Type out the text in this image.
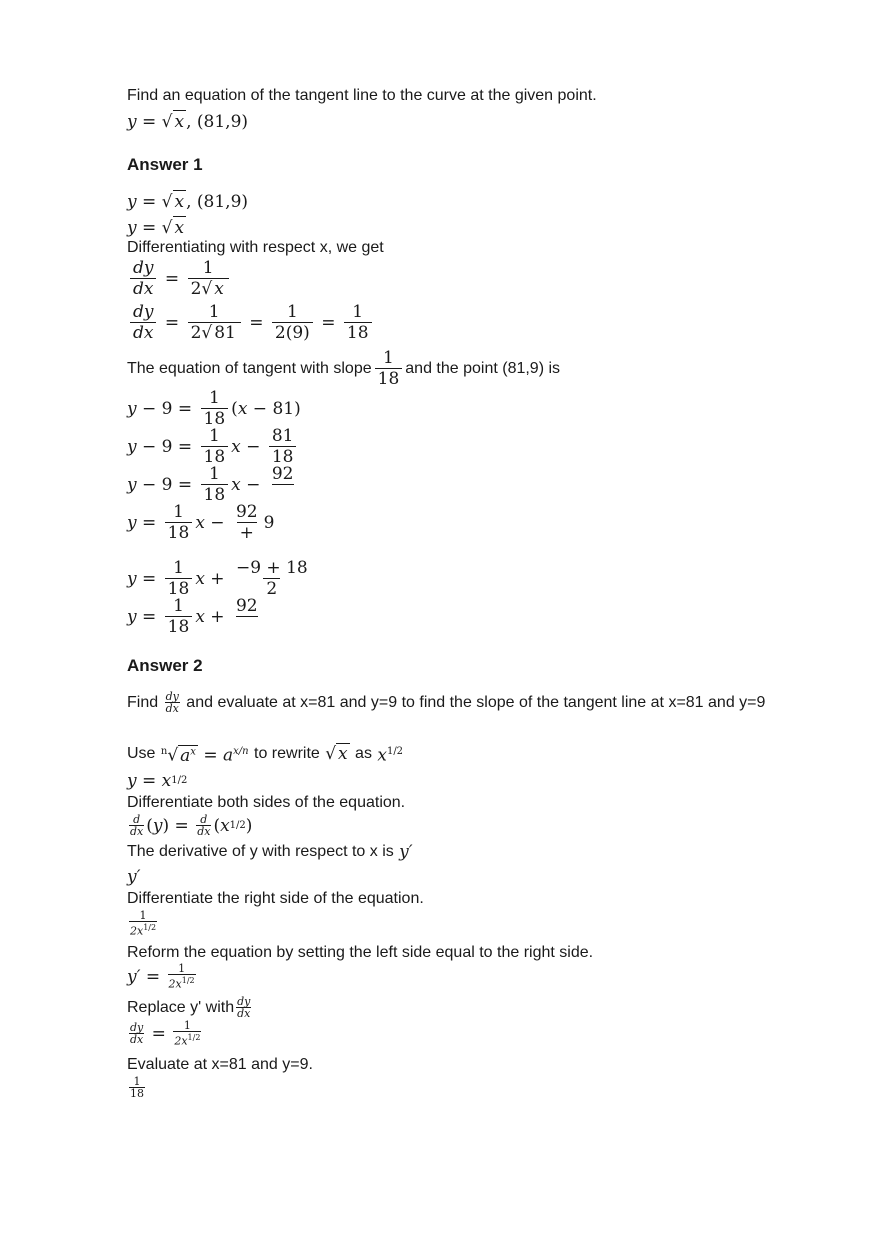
Find an equation of the tangent line to the curve at the given point.

y = √ x , (81, 9)

Answer 1

y = √ x , (81,9)
y = √ x

Differentiating with respect x, we get

$\frac{dy}{dx} = \frac{1}{2√ x}$
$\frac{dy}{dx} = \frac{1}{2√ 81} = \frac{1}{2(9)} = \frac{1}{18}$
The equation of tangent with slope $\frac{1}{18}$ and the point (81,9) is
$y - 9 = \frac{1}{18}$ ( x − 81)
$y - 9 = \frac{1}{18}$ $x - \frac{81}{18}$
$y - 9 = \frac{1}{18}$ x −
92

$y = \frac{1}{18}$ $x - \frac{92}{+} 9$
$y = \frac{1}{18}$ $x + \frac{-9 + 18}{2}$
$y = \frac{1}{18}$ x +
92

Answer 2

Find $\frac{dy}{dx}$ and evaluate at x=81 and y=9 to find the slope of the tangent line at x=81 and y=9
Use $^n$√ $a^x = a^{x/n}$ to rewrite √ x as $x^{1/2}$
y = x 1/2

Differentiate both sides of the equation.

$\frac{d}{dx}$ ( y ) = $\frac{d}{dx}$ ( x 1/2 )
The derivative of y with respect to x is y′
y′

Differentiate the right side of the equation.

$\frac{1}{2x^{1/2}}$

Reform the equation by setting the left side equal to the right side.

$y' = \frac{1}{2x^{1/2}}$
Replace y' with $\frac{dy}{dx}$
$\frac{dy}{dx} = \frac{1}{2x^{1/2}}$

Evaluate at x=81 and y=9.

$\frac{1}{18}$
